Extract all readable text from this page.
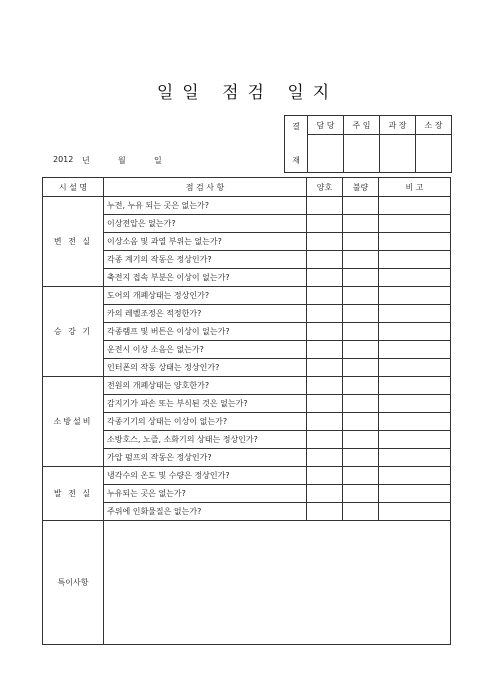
일일 점검 일지
결
재	담 당	주 임	과 장	소 장

2012 년	월	일
시 설 명	점 검 사 항	양호	불량	비 고
변 전 실	누전, 누유 되는 곳은 없는가?			
	이상전압은 없는가?			
	이상소음 및 과열 부위는 없는가?			
	각종 계기의 작동은 정상인가?			
	축전지 접속 부분은 이상이 없는가?			
승 강 기	도어의 개폐상태는 정상인가?			
	카의 레벨조정은 적정한가?			
	각종램프 및 버튼은 이상이 없는가?			
	운전시 이상 소음은 없는가?			
	인터폰의 작동 상태는 정상인가?			
소방설비	전원의 개폐상태는 양호한가?			
	감지기가 파손 또는 부식된 것은 없는가?			
	각종기기의 상태는 이상이 없는가?			
	소방호스, 노즐, 소화기의 상태는 정상인가?			
	가압 펌프의 작동은 정상인가?			
발 전 실	냉각수의 온도 및 수량은 정상인가?			
	누유되는 곳은 없는가?			
	주위에 인화물질은 없는가?			
특이사항				
